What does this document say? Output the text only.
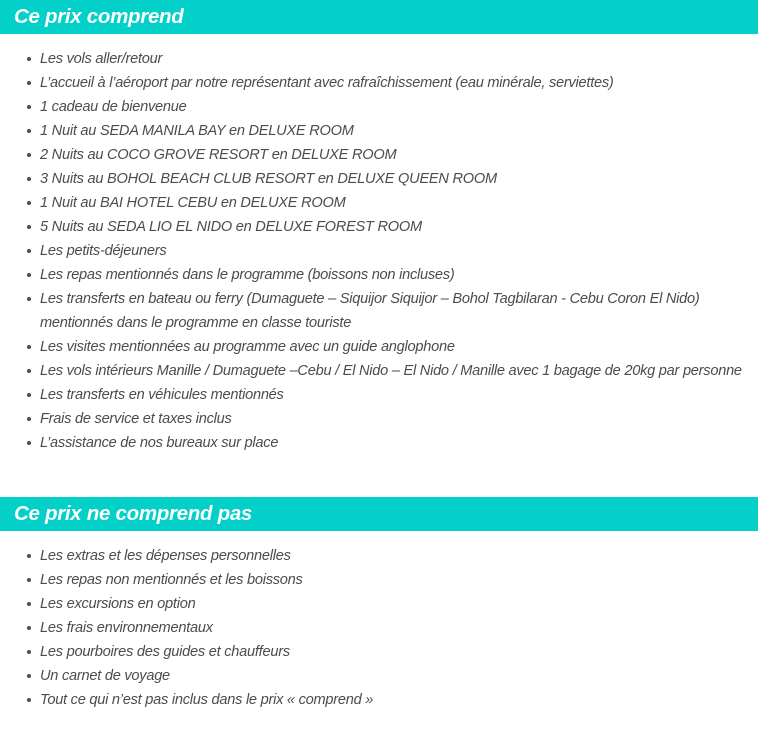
Ce prix comprend
Les vols aller/retour
L’accueil à l’aéroport par notre représentant avec rafraîchissement (eau minérale, serviettes)
1 cadeau de bienvenue
1 Nuit au SEDA MANILA BAY en DELUXE ROOM
2 Nuits au COCO GROVE RESORT en DELUXE ROOM
3 Nuits au BOHOL BEACH CLUB RESORT en DELUXE QUEEN ROOM
1 Nuit au BAI HOTEL CEBU en DELUXE ROOM
5 Nuits au SEDA LIO EL NIDO en DELUXE FOREST ROOM
Les petits-déjeuners
Les repas mentionnés dans le programme (boissons non incluses)
Les transferts en bateau ou ferry (Dumaguete – Siquijor Siquijor – Bohol Tagbilaran - Cebu Coron El Nido) mentionnés dans le programme en classe touriste
Les visites mentionnées au programme avec un guide anglophone
Les vols intérieurs Manille / Dumaguete –Cebu / El Nido – El Nido / Manille avec 1 bagage de 20kg par personne
Les transferts en véhicules mentionnés
Frais de service et taxes inclus
L’assistance de nos bureaux sur place
Ce prix ne comprend pas
Les extras et les dépenses personnelles
Les repas non mentionnés et les boissons
Les excursions en option
Les frais environnementaux
Les pourboires des guides et chauffeurs
Un carnet de voyage
Tout ce qui n’est pas inclus dans le prix « comprend »
